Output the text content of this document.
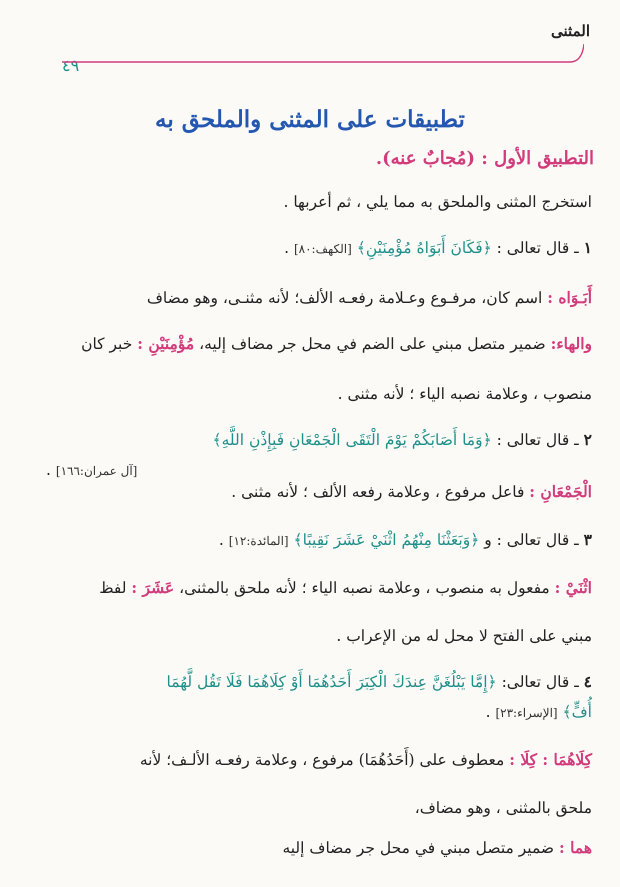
المثنى
٤٩
تطبيقات على المثنى والملحق به
التطبيق الأول : (مُجابٌ عنه).
استخرج المثنى والملحق به مما يلي ، ثم أعربها .
١ ـ قال تعالى : ﴿فَكَانَ أَبَوَاهُ مُؤْمِنَيْنِ﴾ [الكهف:٨٠] .
أَبَـوَاه : اسم كان، مرفـوع وعـلامة رفعـه الألف؛ لأنه مثنـى، وهو مضاف
والهاء: ضمير متصل مبني على الضم في محل جر مضاف إليه، مُؤْمِنَيْنِ : خبر كان
منصوب ، وعلامة نصبه الياء ؛ لأنه مثنى .
٢ ـ قال تعالى : ﴿وَمَا أَصَابَكُمْ يَوْمَ الْتَقَى الْجَمْعَانِ فَبِإِذْنِ اللَّهِ﴾
[آل عمران:١٦٦] .
الْجَمْعَانِ : فاعل مرفوع ، وعلامة رفعه الألف ؛ لأنه مثنى .
٣ ـ قال تعالى : و ﴿وَبَعَثْنَا مِنْهُمُ اثْنَيْ عَشَرَ نَقِيبًا﴾ [المائدة:١٢] .
اثْنَيْ : مفعول به منصوب ، وعلامة نصبه الياء ؛ لأنه ملحق بالمثنى، عَشَرَ : لفظ
مبني على الفتح لا محل له من الإعراب .
٤ ـ قال تعالى: ﴿إِمَّا يَبْلُغَنَّ عِندَكَ الْكِبَرَ أَحَدُهُمَا أَوْ كِلَاهُمَا فَلَا تَقُل لَّهُمَا
أُفٍّ﴾ [الإسراء:٢٣] .
كِلَاهُمَا : كِلَا : معطوف على (أَحَدُهُمَا) مرفوع ، وعلامة رفعـه الألـف؛ لأنه
ملحق بالمثنى ، وهو مضاف،
هما : ضمير متصل مبني في محل جر مضاف إليه
